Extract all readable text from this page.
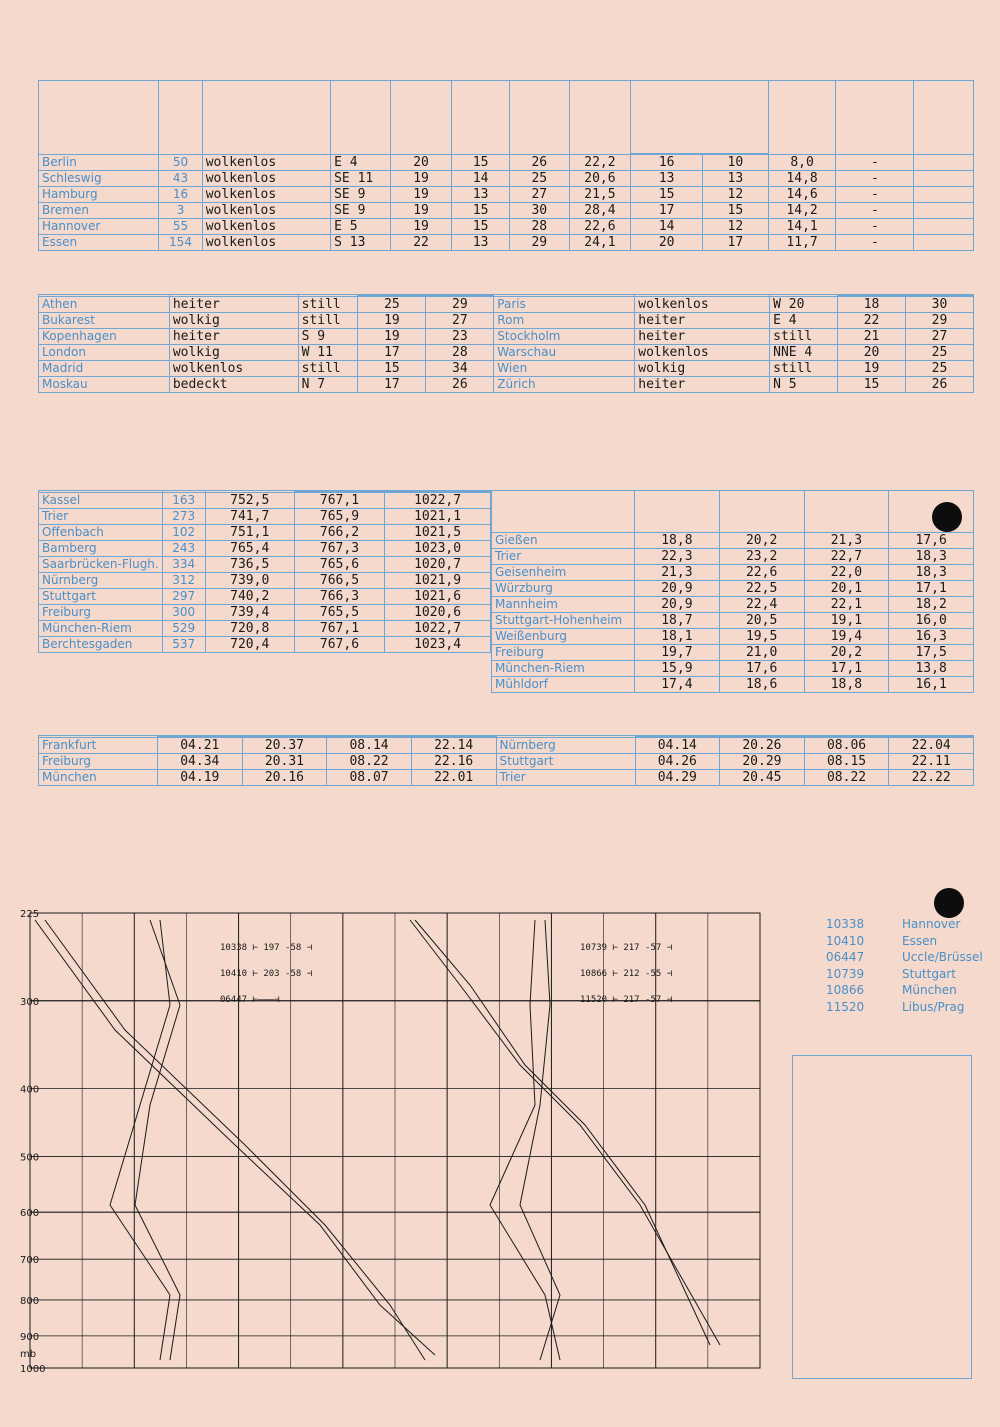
Berlin	50	wolkenlos	E 4	20	15	26	22,2	16	10	8,0	-	
Schleswig	43	wolkenlos	SE 11	19	14	25	20,6	13	13	14,8	-	
Hamburg	16	wolkenlos	SE 9	19	13	27	21,5	15	12	14,6	-	
Bremen	3	wolkenlos	SE 9	19	15	30	28,4	17	15	14,2	-	
Hannover	55	wolkenlos	E 5	19	15	28	22,6	14	12	14,1	-	
Essen	154	wolkenlos	S 13	22	13	29	24,1	20	17	11,7	-	

Athen	heiter	still	25	29	Paris	wolkenlos	W 20	18	30
Bukarest	wolkig	still	19	27	Rom	heiter	E 4	22	29
Kopenhagen	heiter	S 9	19	23	Stockholm	heiter	still	21	27
London	wolkig	W 11	17	28	Warschau	wolkenlos	NNE 4	20	25
Madrid	wolkenlos	still	15	34	Wien	wolkig	still	19	25
Moskau	bedeckt	N 7	17	26	Zürich	heiter	N 5	15	26

Kassel	163	752,5	767,1	1022,7
Trier	273	741,7	765,9	1021,1
Offenbach	102	751,1	766,2	1021,5
Bamberg	243	765,4	767,3	1023,0
Saarbrücken-Flugh.	334	736,5	765,6	1020,7
Nürnberg	312	739,0	766,5	1021,9
Stuttgart	297	740,2	766,3	1021,6
Freiburg	300	739,4	765,5	1020,6
München-Riem	529	720,8	767,1	1022,7
Berchtesgaden	537	720,4	767,6	1023,4

Gießen	18,8	20,2	21,3	17,6
Trier	22,3	23,2	22,7	18,3
Geisenheim	21,3	22,6	22,0	18,3
Würzburg	20,9	22,5	20,1	17,1
Mannheim	20,9	22,4	22,1	18,2
Stuttgart-Hohenheim	18,7	20,5	19,1	16,0
Weißenburg	18,1	19,5	19,4	16,3
Freiburg	19,7	21,0	20,2	17,5
München-Riem	15,9	17,6	17,1	13,8
Mühldorf	17,4	18,6	18,8	16,1

Frankfurt	04.21	20.37	08.14	22.14	Nürnberg	04.14	20.26	08.06	22.04
Freiburg	04.34	20.31	08.22	22.16	Stuttgart	04.26	20.29	08.15	22.11
München	04.19	20.16	08.07	22.01	Trier	04.29	20.45	08.22	22.22

300
400
500
600
700
800
900
1000
225
mb
10338 ⊢ 197 -58 ⊣
10410 ⊢ 203 -58 ⊣
06447 ⊢———⊣
10739 ⊢ 217 -57 ⊣
10866 ⊢ 212 -55 ⊣
11520 ⊢ 217 -57 ⊣
10338	Hannover
10410	Essen
06447	Uccle/Brüssel
10739	Stuttgart
10866	München
11520	Libus/Prag
